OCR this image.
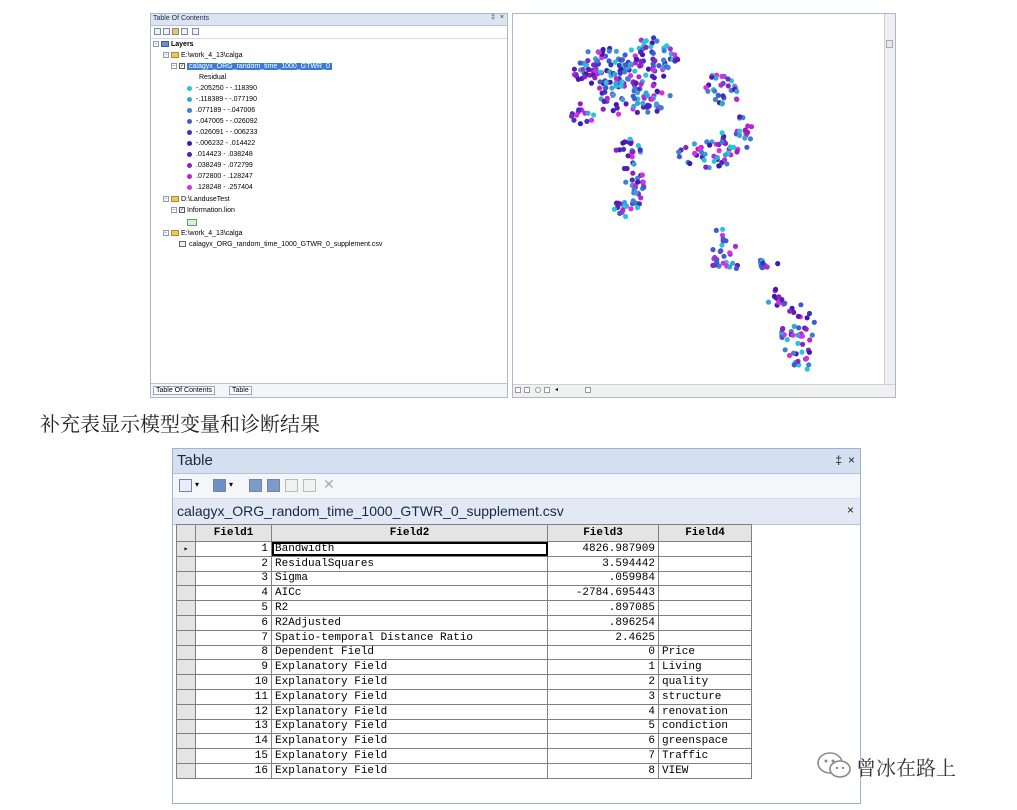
Table Of Contents	‡ ×
− Layers
− E:\work_4_13\calga
− ✓ calagyx_ORG_random_time_1000_GTWR_0
Residual
-.205250 - -.118390
-.118389 - -.077190
.077189 - -.047006
-.047005 - -.026092
-.026091 - -.006233
-.006232 - .014422
.014423 - .038248
.038249 - .072799
.072800 - .128247
.128248 - .257404
− D:\LanduseTest
− ✓ Information.lion
− E:\work_4_13\calga
calagyx_ORG_random_time_1000_GTWR_0_supplement.csv
Table Of Contents	Table	◂
补充表显示模型变量和诊断结果
Table	‡ ×
▾	▾	✕
calagyx_ORG_random_time_1000_GTWR_0_supplement.csv	×
	Field1	Field2	Field3	Field4
▸	1	Bandwidth	4826.987909	
	2	ResidualSquares	3.594442	
	3	Sigma	.059984	
	4	AICc	-2784.695443	
	5	R2	.897085	
	6	R2Adjusted	.896254	
	7	Spatio-temporal Distance Ratio	2.4625	
	8	Dependent Field	0	Price
	9	Explanatory Field	1	Living
	10	Explanatory Field	2	quality
	11	Explanatory Field	3	structure
	12	Explanatory Field	4	renovation
	13	Explanatory Field	5	condiction
	14	Explanatory Field	6	greenspace
	15	Explanatory Field	7	Traffic
	16	Explanatory Field	8	VIEW	曾冰在路上
